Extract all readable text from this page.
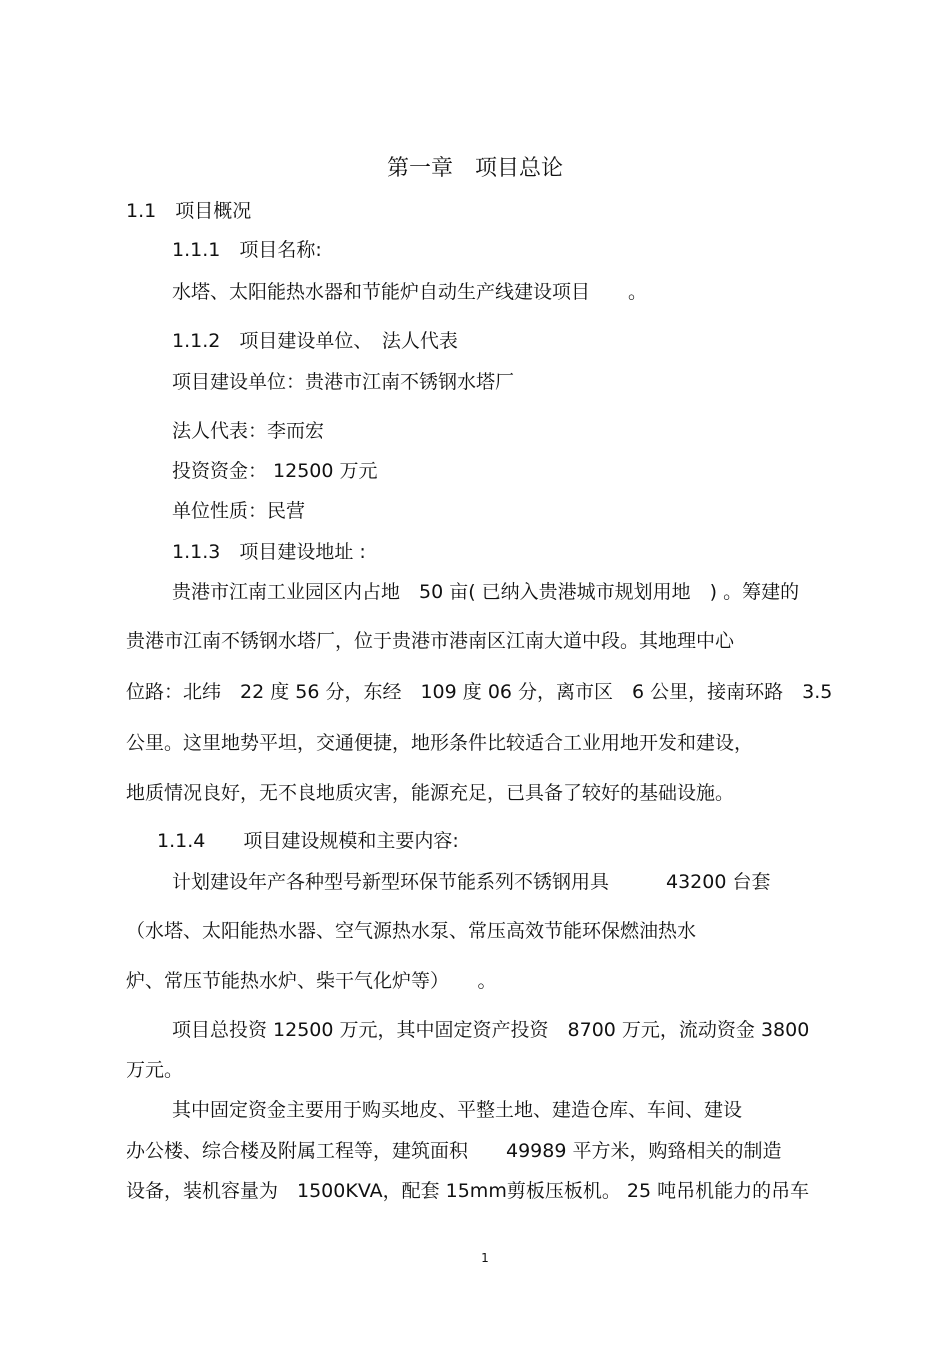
第一章　项目总论
1.1　项目概况
1.1.1　项目名称:
水塔、太阳能热水器和节能炉自动生产线建设项目　　。
1.1.2　项目建设单位、　法人代表
项目建设单位：贵港市江南不锈钢水塔厂
法人代表：李而宏
投资资金： 12500 万元
单位性质：民营
1.1.3　项目建设地址 :
贵港市江南工业园区内占地　50 亩( 已纳入贵港城市规划用地　) 。筹建的
贵港市江南不锈钢水塔厂，位于贵港市港南区江南大道中段。其地理中心
位路：北纬　22 度 56 分，东经　109 度 06 分，离市区　6 公里，接南环路　3.5
公里。这里地势平坦，交通便捷，地形条件比较适合工业用地开发和建设，
地质情况良好，无不良地质灾害，能源充足，已具备了较好的基础设施。
1.1.4　　项目建设规模和主要内容:
计划建设年产各种型号新型环保节能系列不锈钢用具　　　43200 台套
（水塔、太阳能热水器、空气源热水泵、常压高效节能环保燃油热水
炉、常压节能热水炉、柴干气化炉等）　　。
项目总投资 12500 万元，其中固定资产投资　8700 万元，流动资金 3800
万元。
其中固定资金主要用于购买地皮、平整土地、建造仓库、车间、建设
办公楼、综合楼及附属工程等，建筑面积　　49989 平方米，购臵相关的制造
设备，装机容量为　1500KVA，配套 15mm剪板压板机。 25 吨吊机能力的吊车
1
